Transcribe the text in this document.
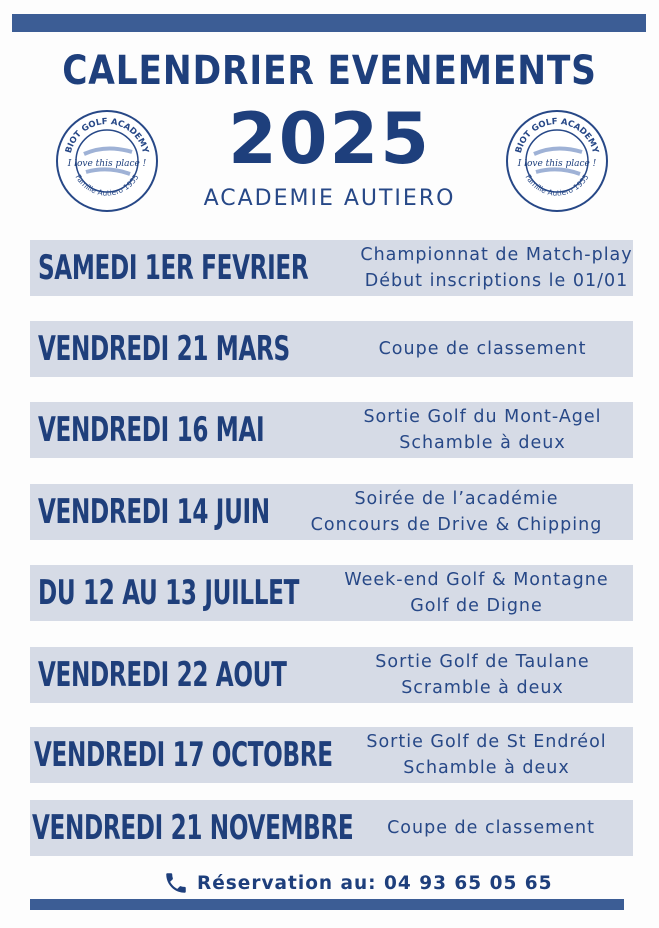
CALENDRIER EVENEMENTS
2025
ACADEMIE AUTIERO
BIOT GOLF ACADEMY
Famille Autiero 1955
I love this place !
BIOT GOLF ACADEMY
Famille Autiero 1955
I love this place !
SAMEDI 1ER FEVRIER	Championnat de Match-play
Début inscriptions le 01/01
VENDREDI 21 MARS	Coupe de classement
VENDREDI 16 MAI	Sortie Golf du Mont-Agel
Schamble à deux
VENDREDI 14 JUIN	Soirée de l’académie
Concours de Drive & Chipping
DU 12 AU 13 JUILLET	Week-end Golf & Montagne
Golf de Digne
VENDREDI 22 AOUT	Sortie Golf de Taulane
Scramble à deux
VENDREDI 17 OCTOBRE Sortie Golf de St Endréol
Schamble à deux
VENDREDI 21 NOVEMBRE Coupe de classement
Réservation au: 04 93 65 05 65
